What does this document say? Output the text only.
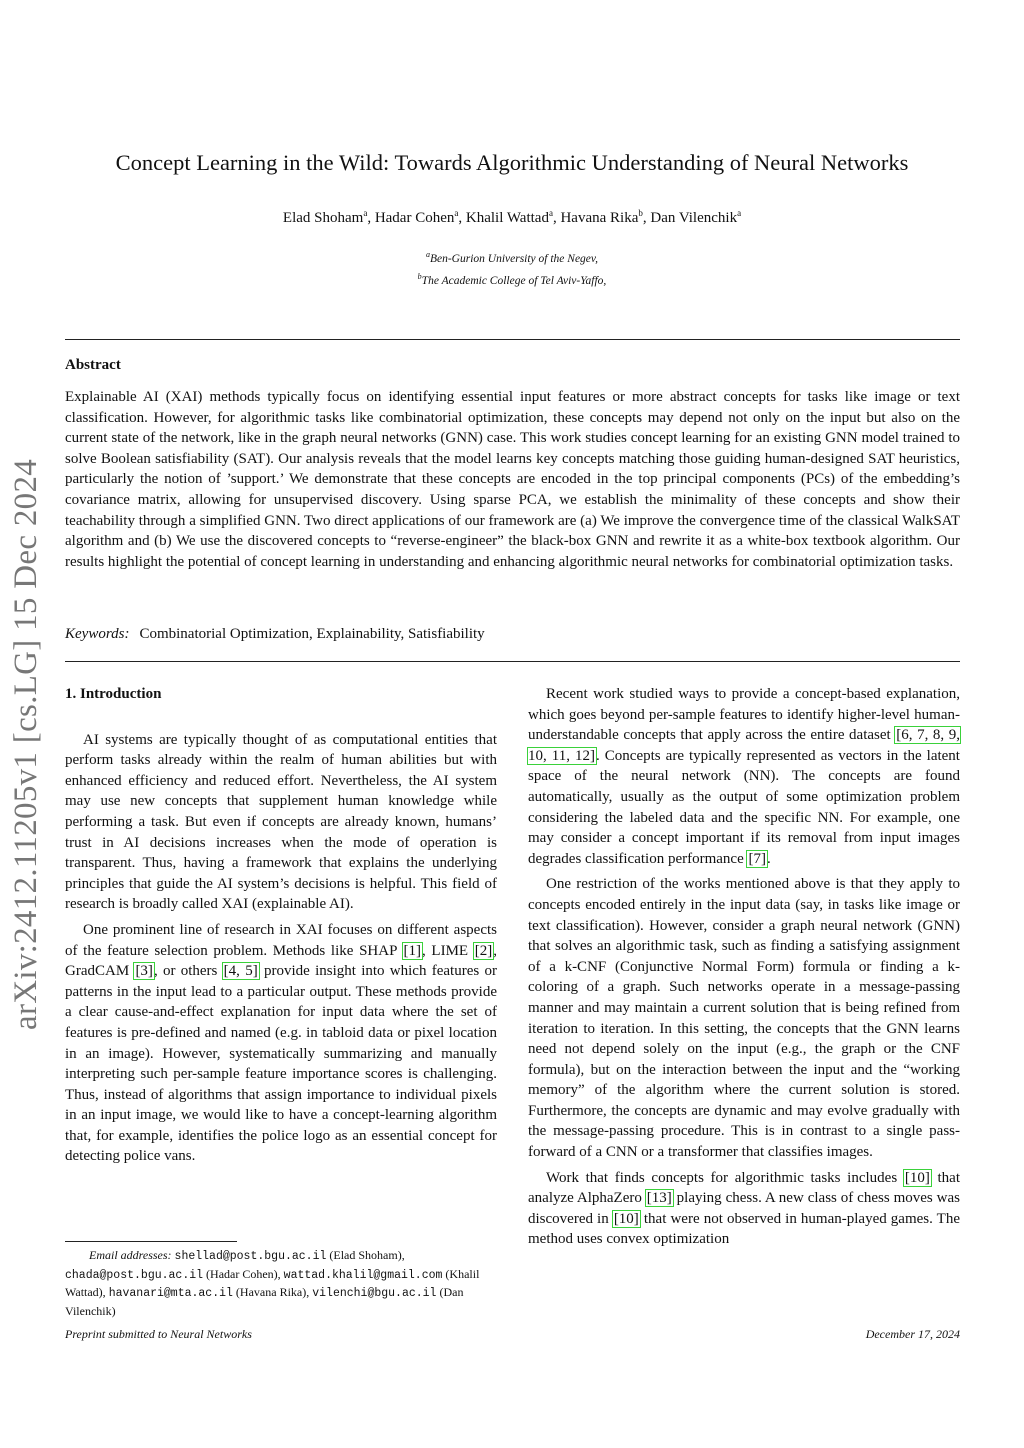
arXiv:2412.11205v1 [cs.LG] 15 Dec 2024
Concept Learning in the Wild: Towards Algorithmic Understanding of Neural Networks
Elad Shoham$^a$, Hadar Cohen$^a$, Khalil Wattad$^a$, Havana Rika$^b$, Dan Vilenchik$^a$
$^a$Ben-Gurion University of the Negev,
$^b$The Academic College of Tel Aviv-Yaffo,
Abstract
Explainable AI (XAI) methods typically focus on identifying essential input features or more abstract concepts for tasks like image or text classification. However, for algorithmic tasks like combinatorial optimization, these concepts may depend not only on the input but also on the current state of the network, like in the graph neural networks (GNN) case. This work studies concept learning for an existing GNN model trained to solve Boolean satisfiability (SAT). Our analysis reveals that the model learns key concepts matching those guiding human-designed SAT heuristics, particularly the notion of ’support.’ We demonstrate that these concepts are encoded in the top principal components (PCs) of the embedding’s covariance matrix, allowing for unsupervised discovery. Using sparse PCA, we establish the minimality of these concepts and show their teachability through a simplified GNN. Two direct applications of our framework are (a) We improve the convergence time of the classical WalkSAT algorithm and (b) We use the discovered concepts to “reverse-engineer” the black-box GNN and rewrite it as a white-box textbook algorithm. Our results highlight the potential of concept learning in understanding and enhancing algorithmic neural networks for combinatorial optimization tasks.
Keywords: Combinatorial Optimization, Explainability, Satisfiability
1. Introduction

AI systems are typically thought of as computational entities that perform tasks already within the realm of human abilities but with enhanced efficiency and reduced effort. Nevertheless, the AI system may use new concepts that supplement human knowledge while performing a task. But even if concepts are already known, humans’ trust in AI decisions increases when the mode of operation is transparent. Thus, having a framework that explains the underlying principles that guide the AI system’s decisions is helpful. This field of research is broadly called XAI (explainable AI).

One prominent line of research in XAI focuses on different aspects of the feature selection problem. Methods like SHAP [1], LIME [2], GradCAM [3], or others [4, 5] provide insight into which features or patterns in the input lead to a particular output. These methods provide a clear cause-and-effect explanation for input data where the set of features is pre-defined and named (e.g. in tabloid data or pixel location in an image). However, systematically summarizing and manually interpreting such per-sample feature importance scores is challenging. Thus, instead of algorithms that assign importance to individual pixels in an input image, we would like to have a concept-learning algorithm that, for example, identifies the police logo as an essential concept for detecting police vans.

Recent work studied ways to provide a concept-based explanation, which goes beyond per-sample features to identify higher-level human-understandable concepts that apply across the entire dataset [6, 7, 8, 9, 10, 11, 12]. Concepts are typically represented as vectors in the latent space of the neural network (NN). The concepts are found automatically, usually as the output of some optimization problem considering the labeled data and the specific NN. For example, one may consider a concept important if its removal from input images degrades classification performance [7].

One restriction of the works mentioned above is that they apply to concepts encoded entirely in the input data (say, in tasks like image or text classification). However, consider a graph neural network (GNN) that solves an algorithmic task, such as finding a satisfying assignment of a k-CNF (Conjunctive Normal Form) formula or finding a k-coloring of a graph. Such networks operate in a message-passing manner and may maintain a current solution that is being refined from iteration to iteration. In this setting, the concepts that the GNN learns need not depend solely on the input (e.g., the graph or the CNF formula), but on the interaction between the input and the “working memory” of the algorithm where the current solution is stored. Furthermore, the concepts are dynamic and may evolve gradually with the message-passing procedure. This is in contrast to a single pass-forward of a CNN or a transformer that classifies images.

Work that finds concepts for algorithmic tasks includes [10] that analyze AlphaZero [13] playing chess. A new class of chess moves was discovered in [10] that were not observed in human-played games. The method uses convex optimization

Email addresses: shellad@post.bgu.ac.il (Elad Shoham), chada@post.bgu.ac.il (Hadar Cohen), wattad.khalil@gmail.com (Khalil Wattad), havanari@mta.ac.il (Havana Rika), vilenchi@bgu.ac.il (Dan Vilenchik)
Preprint submitted to Neural Networks	December 17, 2024
